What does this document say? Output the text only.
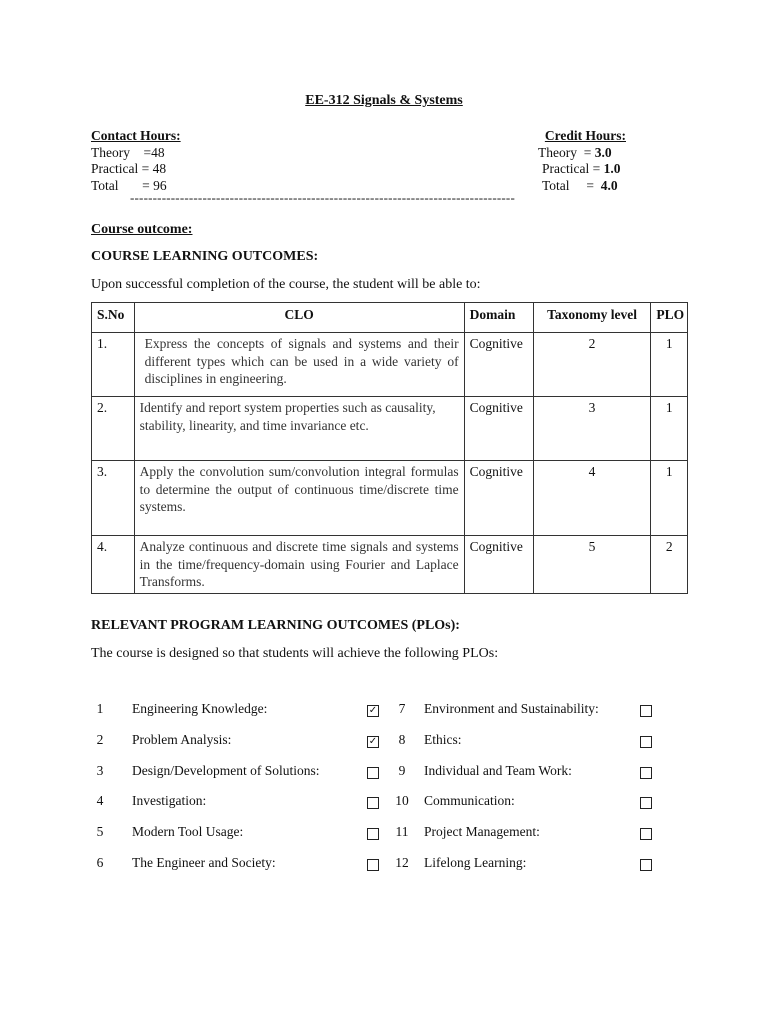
EE-312 Signals & Systems
Contact Hours:
Theory    =48
Practical = 48
Total       = 96
Credit Hours:
Theory  = 3.0
Practical = 1.0
Total     =  4.0
-------------------------------------------------------------------------------------
Course outcome:
COURSE LEARNING OUTCOMES:
Upon successful completion of the course, the student will be able to:
S.No	CLO	Domain	Taxonomy level	PLO
1.	Express the concepts of signals and systems and their different types which can be used in a wide variety of disciplines in engineering.	Cognitive	2	1
2.	Identify and report system properties such as causality, stability, linearity, and time invariance etc.	Cognitive	3	1
3.	Apply the convolution sum/convolution integral formulas to determine the output of continuous time/discrete time systems.	Cognitive	4	1
4.	Analyze continuous and discrete time signals and systems in the time/frequency-domain using Fourier and Laplace Transforms.	Cognitive	5	2
RELEVANT PROGRAM LEARNING OUTCOMES (PLOs):
The course is designed so that students will achieve the following PLOs:
1	Engineering Knowledge:	✓
2	Problem Analysis:	✓
3	Design/Development of Solutions:
4	Investigation:
5	Modern Tool Usage:
6	The Engineer and Society:
7	Environment and Sustainability:
8	Ethics:
9	Individual and Team Work:
10 Communication:
11 Project Management:
12 Lifelong Learning:
